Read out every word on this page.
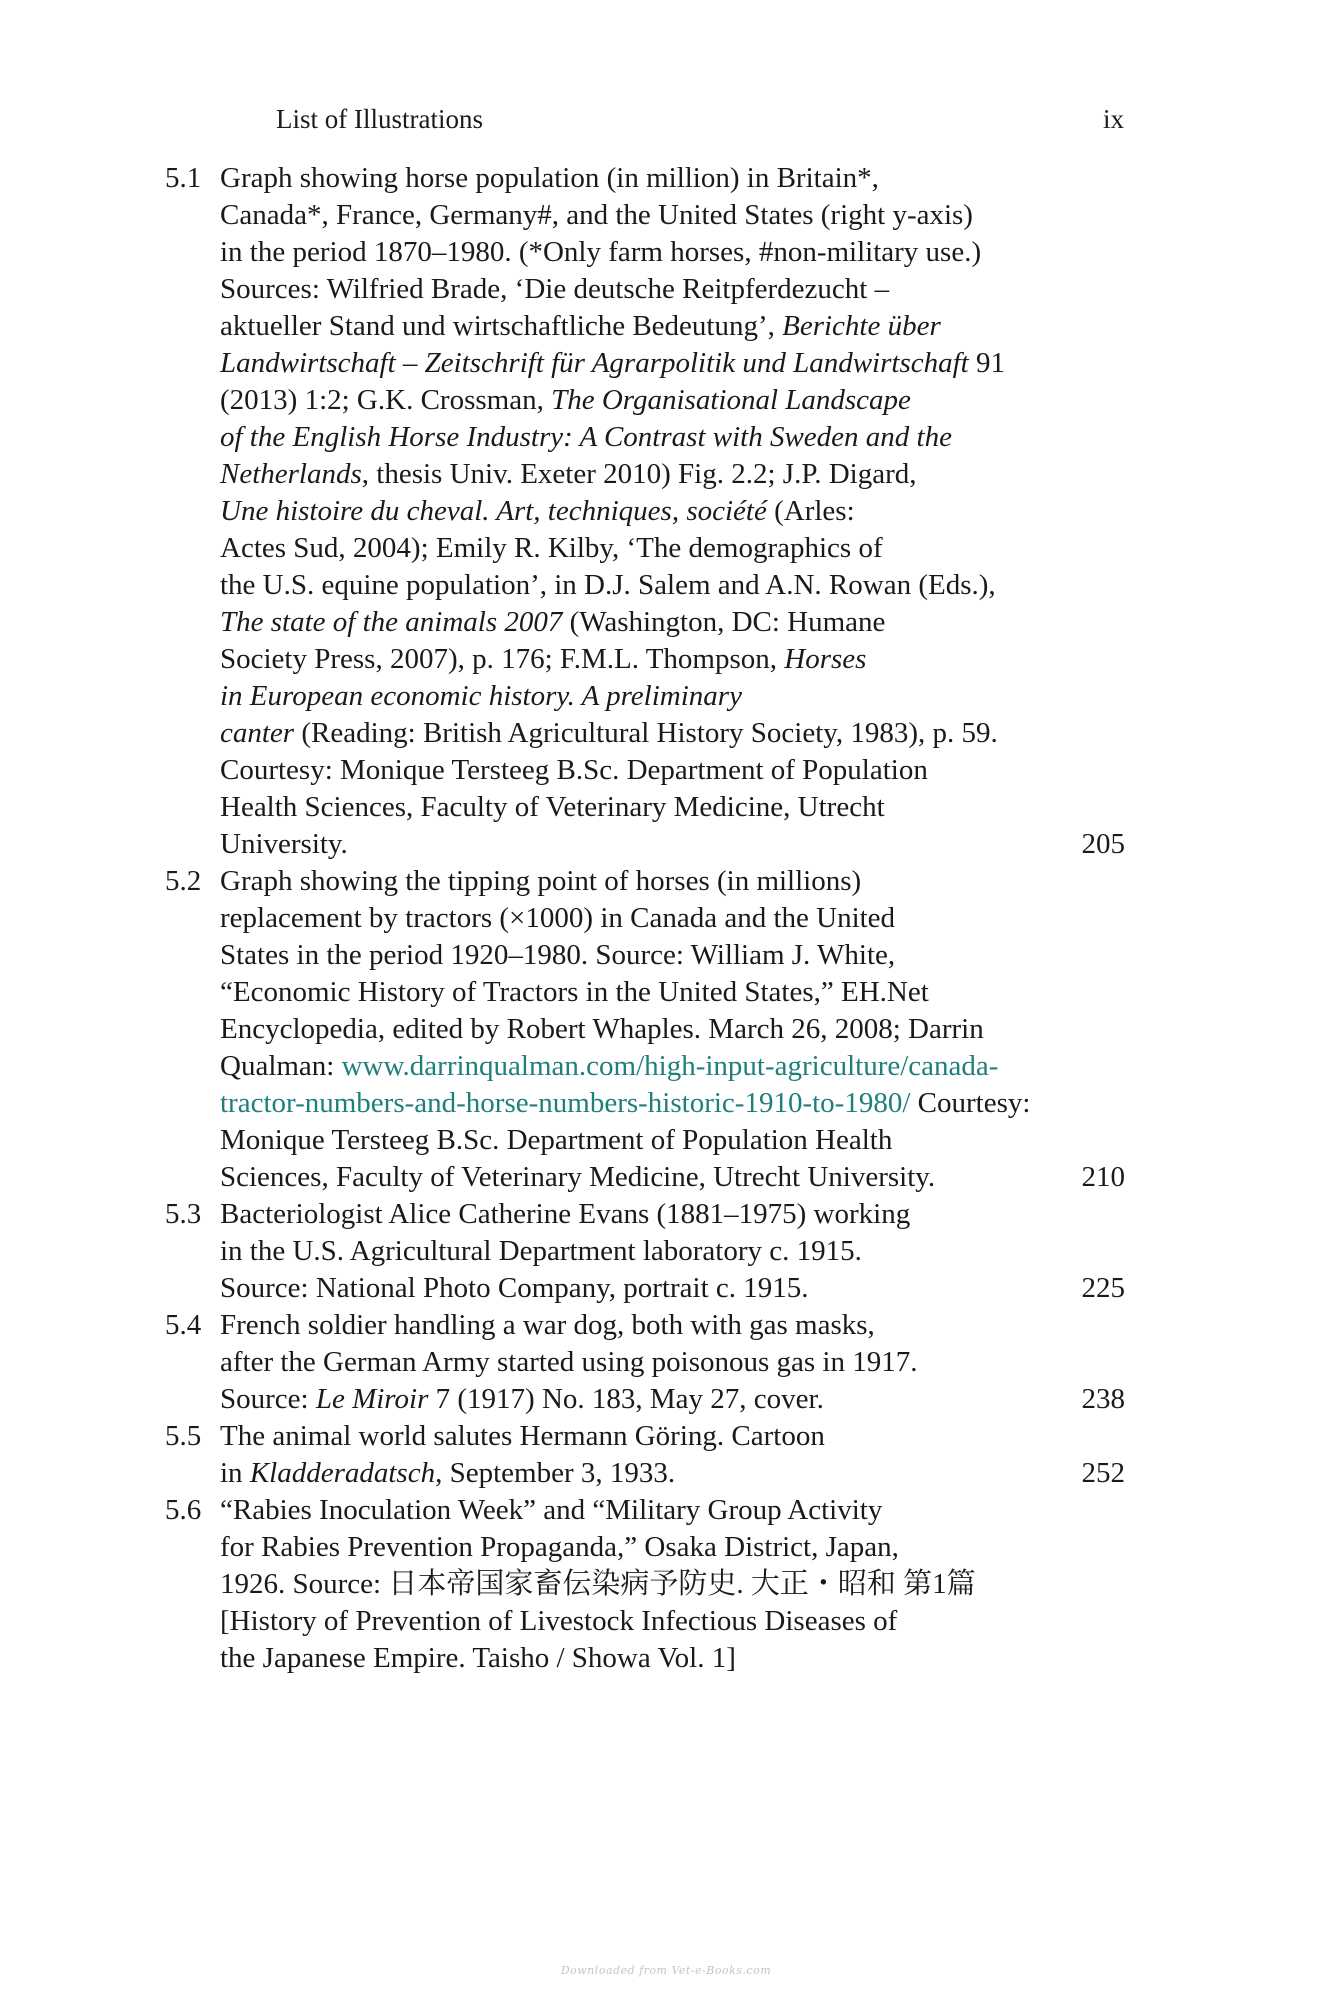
List of Illustrations	ix
5.1 Graph showing horse population (in million) in Britain*,
Canada*, France, Germany#, and the United States (right y-axis)
in the period 1870–1980. (*Only farm horses, #non-military use.)
Sources: Wilfried Brade, ‘Die deutsche Reitpferdezucht –
aktueller Stand und wirtschaftliche Bedeutung’, Berichte über
Landwirtschaft – Zeitschrift für Agrarpolitik und Landwirtschaft 91
(2013) 1:2; G.K. Crossman, The Organisational Landscape
of the English Horse Industry: A Contrast with Sweden and the
Netherlands, thesis Univ. Exeter 2010) Fig. 2.2; J.P. Digard,
Une histoire du cheval. Art, techniques, société (Arles:
Actes Sud, 2004); Emily R. Kilby, ‘The demographics of
the U.S. equine population’, in D.J. Salem and A.N. Rowan (Eds.),
The state of the animals 2007 (Washington, DC: Humane
Society Press, 2007), p. 176; F.M.L. Thompson, Horses
in European economic history. A preliminary
canter (Reading: British Agricultural History Society, 1983), p. 59.
Courtesy: Monique Tersteeg B.Sc. Department of Population
Health Sciences, Faculty of Veterinary Medicine, Utrecht
University.	205
5.2 Graph showing the tipping point of horses (in millions)
replacement by tractors (×1000) in Canada and the United
States in the period 1920–1980. Source: William J. White,
“Economic History of Tractors in the United States,” EH.Net
Encyclopedia, edited by Robert Whaples. March 26, 2008; Darrin
Qualman: www.darrinqualman.com/high-input-agriculture/canada-
tractor-numbers-and-horse-numbers-historic-1910-to-1980/ Courtesy:
Monique Tersteeg B.Sc. Department of Population Health
Sciences, Faculty of Veterinary Medicine, Utrecht University.	210
5.3 Bacteriologist Alice Catherine Evans (1881–1975) working
in the U.S. Agricultural Department laboratory c. 1915.
Source: National Photo Company, portrait c. 1915.	225
5.4 French soldier handling a war dog, both with gas masks,
after the German Army started using poisonous gas in 1917.
Source: Le Miroir 7 (1917) No. 183, May 27, cover.	238
5.5 The animal world salutes Hermann Göring. Cartoon
in Kladderadatsch, September 3, 1933.	252
5.6 “Rabies Inoculation Week” and “Military Group Activity
for Rabies Prevention Propaganda,” Osaka District, Japan,
1926. Source: 日本帝国家畜伝染病予防史. 大正・昭和 第1篇
[History of Prevention of Livestock Infectious Diseases of
the Japanese Empire. Taisho / Showa Vol. 1]
Downloaded from Vet-e-Books.com
